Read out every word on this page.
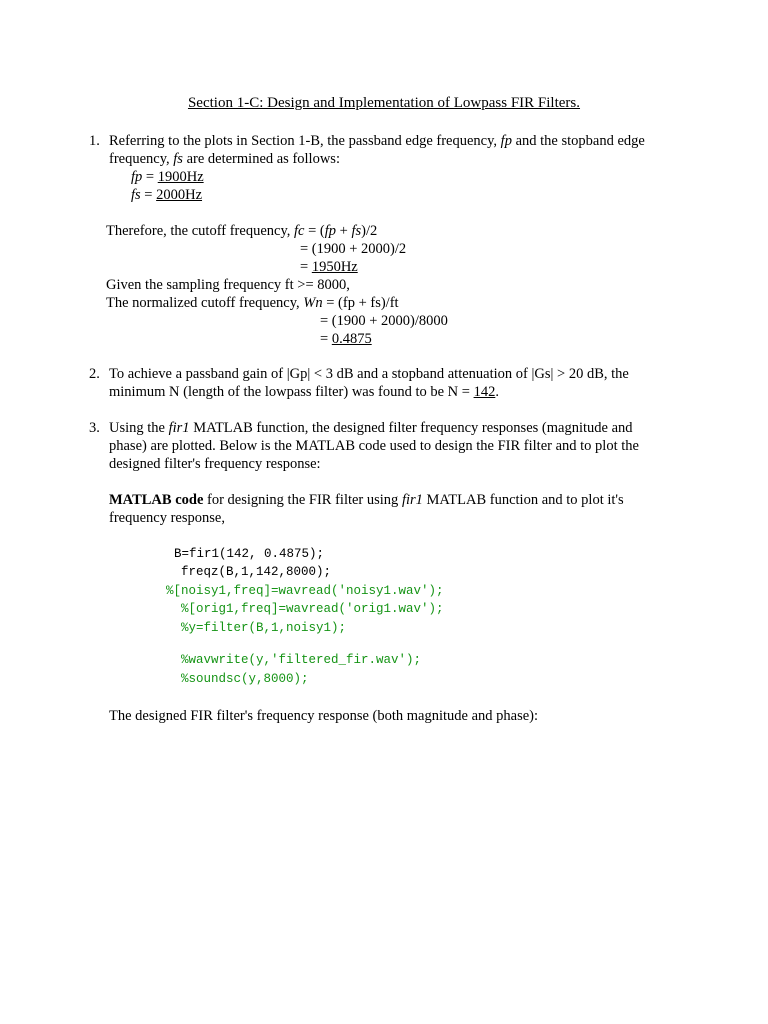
Section 1-C: Design and Implementation of Lowpass FIR Filters.
1. Referring to the plots in Section 1-B, the passband edge frequency, fp and the stopband edge
frequency, fs are determined as follows:
fp = 1900Hz
fs = 2000Hz
Therefore, the cutoff frequency, fc = (fp + fs)/2
= (1900 + 2000)/2
= 1950Hz
Given the sampling frequency ft >= 8000,
The normalized cutoff frequency, Wn = (fp + fs)/ft
= (1900 + 2000)/8000
= 0.4875
2. To achieve a passband gain of |Gp| < 3 dB and a stopband attenuation of |Gs| > 20 dB, the
minimum N (length of the lowpass filter) was found to be N = 142.
3. Using the fir1 MATLAB function, the designed filter frequency responses (magnitude and
phase) are plotted. Below is the MATLAB code used to design the FIR filter and to plot the
designed filter's frequency response:
MATLAB code for designing the FIR filter using fir1 MATLAB function and to plot it's
frequency response,
B=fir1(142, 0.4875);
freqz(B,1,142,8000);
%[noisy1,freq]=wavread('noisy1.wav');
%[orig1,freq]=wavread('orig1.wav');
%y=filter(B,1,noisy1);
%wavwrite(y,'filtered_fir.wav');
%soundsc(y,8000);
The designed FIR filter's frequency response (both magnitude and phase):
